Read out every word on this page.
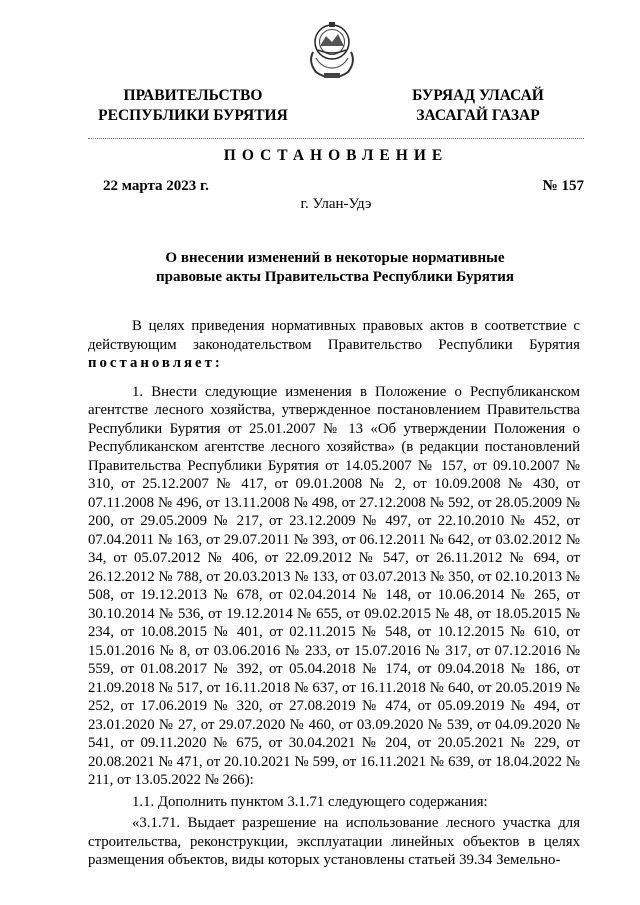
ПРАВИТЕЛЬСТВО
РЕСПУБЛИКИ БУРЯТИЯ
БУРЯАД УЛАСАЙ
ЗАСАГАЙ ГАЗАР
ПОСТАНОВЛЕНИЕ
22 марта 2023 г.	№ 157
г. Улан-Удэ
О внесении изменений в некоторые нормативные
правовые акты Правительства Республики Бурятия

В целях приведения нормативных правовых актов в соответствие с действующим законодательством Правительство Республики Бурятия постановляет:

1. Внести следующие изменения в Положение о Республиканском агентстве лесного хозяйства, утвержденное постановлением Правительства Республики Бурятия от 25.01.2007 № 13 «Об утверждении Положения о Республиканском агентстве лесного хозяйства» (в редакции постановлений Правительства Республики Бурятия от 14.05.2007 № 157, от 09.10.2007 № 310, от 25.12.2007 № 417, от 09.01.2008 № 2, от 10.09.2008 № 430, от 07.11.2008 № 496, от 13.11.2008 № 498, от 27.12.2008 № 592, от 28.05.2009 № 200, от 29.05.2009 № 217, от 23.12.2009 № 497, от 22.10.2010 № 452, от 07.04.2011 № 163, от 29.07.2011 № 393, от 06.12.2011 № 642, от 03.02.2012 № 34, от 05.07.2012 № 406, от 22.09.2012 № 547, от 26.11.2012 № 694, от 26.12.2012 № 788, от 20.03.2013 № 133, от 03.07.2013 № 350, от 02.10.2013 № 508, от 19.12.2013 № 678, от 02.04.2014 № 148, от 10.06.2014 № 265, от 30.10.2014 № 536, от 19.12.2014 № 655, от 09.02.2015 № 48, от 18.05.2015 № 234, от 10.08.2015 № 401, от 02.11.2015 № 548, от 10.12.2015 № 610, от 15.01.2016 № 8, от 03.06.2016 № 233, от 15.07.2016 № 317, от 07.12.2016 № 559, от 01.08.2017 № 392, от 05.04.2018 № 174, от 09.04.2018 № 186, от 21.09.2018 № 517, от 16.11.2018 № 637, от 16.11.2018 № 640, от 20.05.2019 № 252, от 17.06.2019 № 320, от 27.08.2019 № 474, от 05.09.2019 № 494, от 23.01.2020 № 27, от 29.07.2020 № 460, от 03.09.2020 № 539, от 04.09.2020 № 541, от 09.11.2020 № 675, от 30.04.2021 № 204, от 20.05.2021 № 229, от 20.08.2021 № 471, от 20.10.2021 № 599, от 16.11.2021 № 639, от 18.04.2022 № 211, от 13.05.2022 № 266):

1.1. Дополнить пунктом 3.1.71 следующего содержания:

«3.1.71. Выдает разрешение на использование лесного участка для строительства, реконструкции, эксплуатации линейных объектов в целях размещения объектов, виды которых установлены статьей 39.34 Земельно-
